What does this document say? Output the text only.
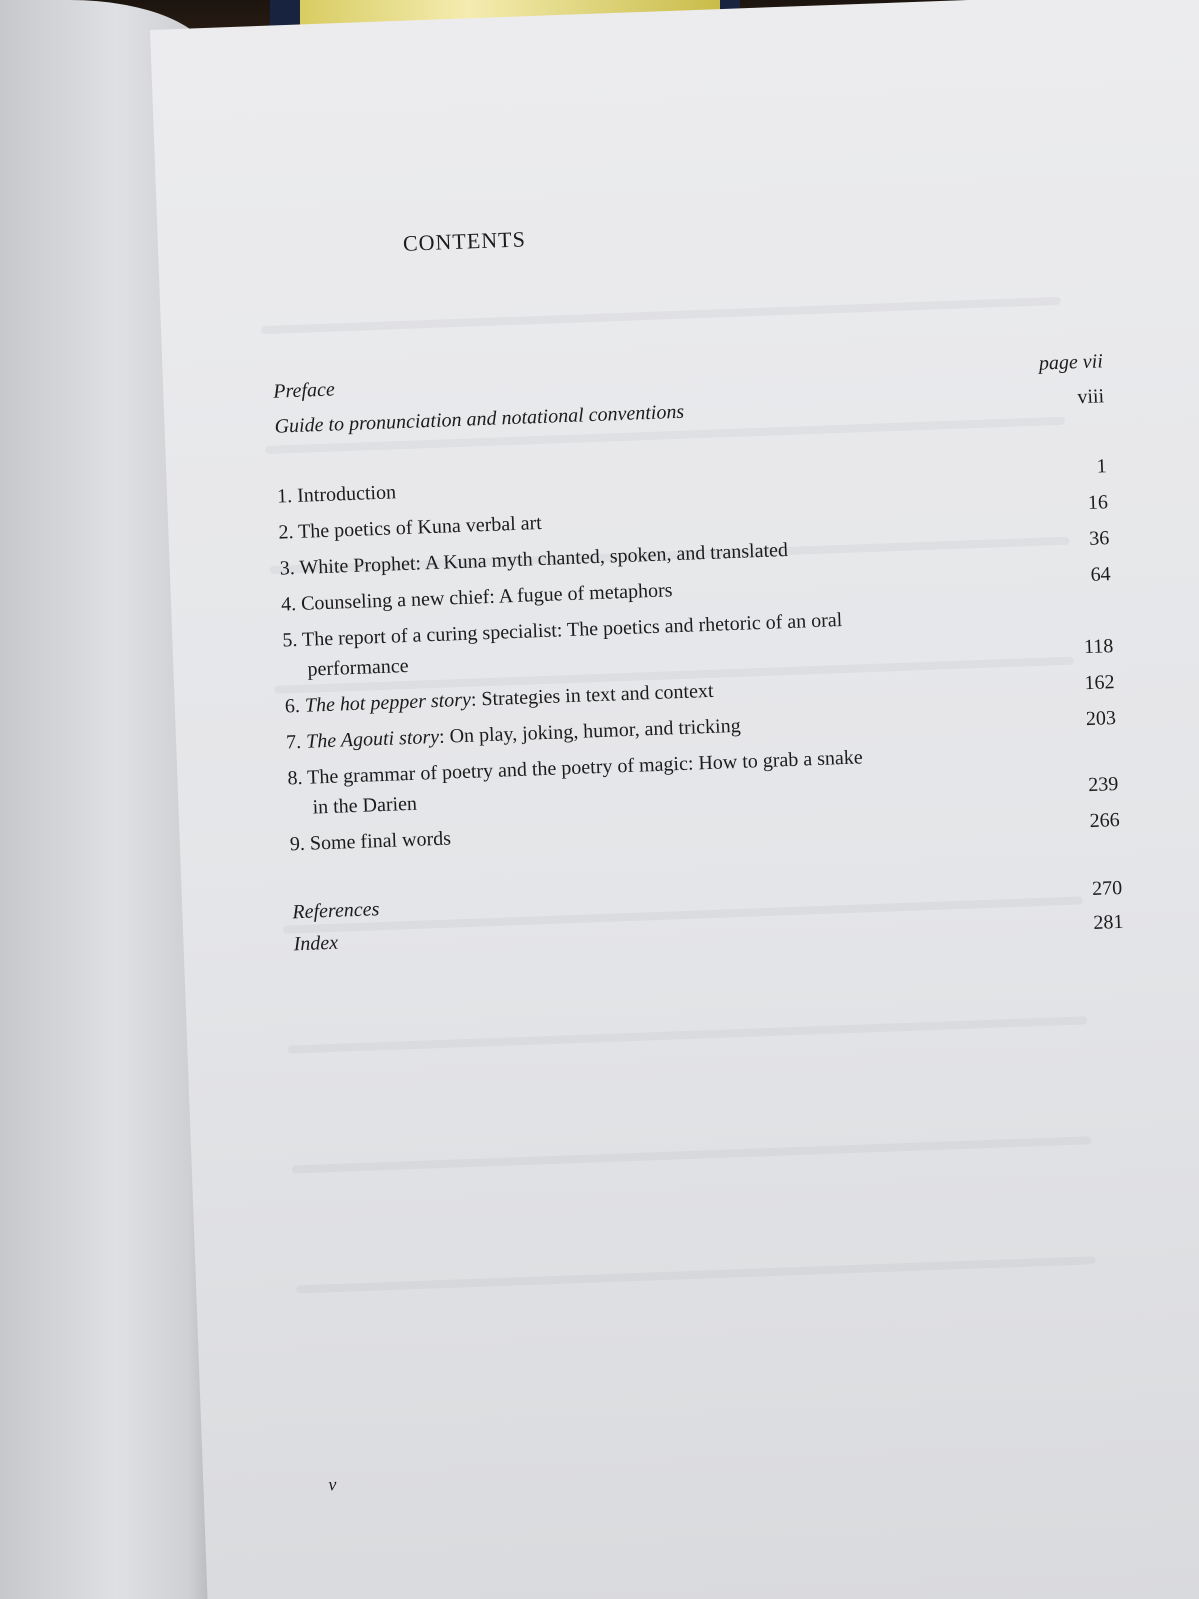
CONTENTS
Preface
page vii
Guide to pronunciation and notational conventions
viii
1. Introduction
1
2. The poetics of Kuna verbal art
16
3. White Prophet: A Kuna myth chanted, spoken, and translated
36
4. Counseling a new chief: A fugue of metaphors
64
5. The report of a curing specialist: The poetics and rhetoric of an oral
performance
118
6. The hot pepper story: Strategies in text and context	162
7. The Agouti story: On play, joking, humor, and tricking	203
8. The grammar of poetry and the poetry of magic: How to grab a snake
in the Darien
239
9. Some final words
266
References
270
Index
281
v
